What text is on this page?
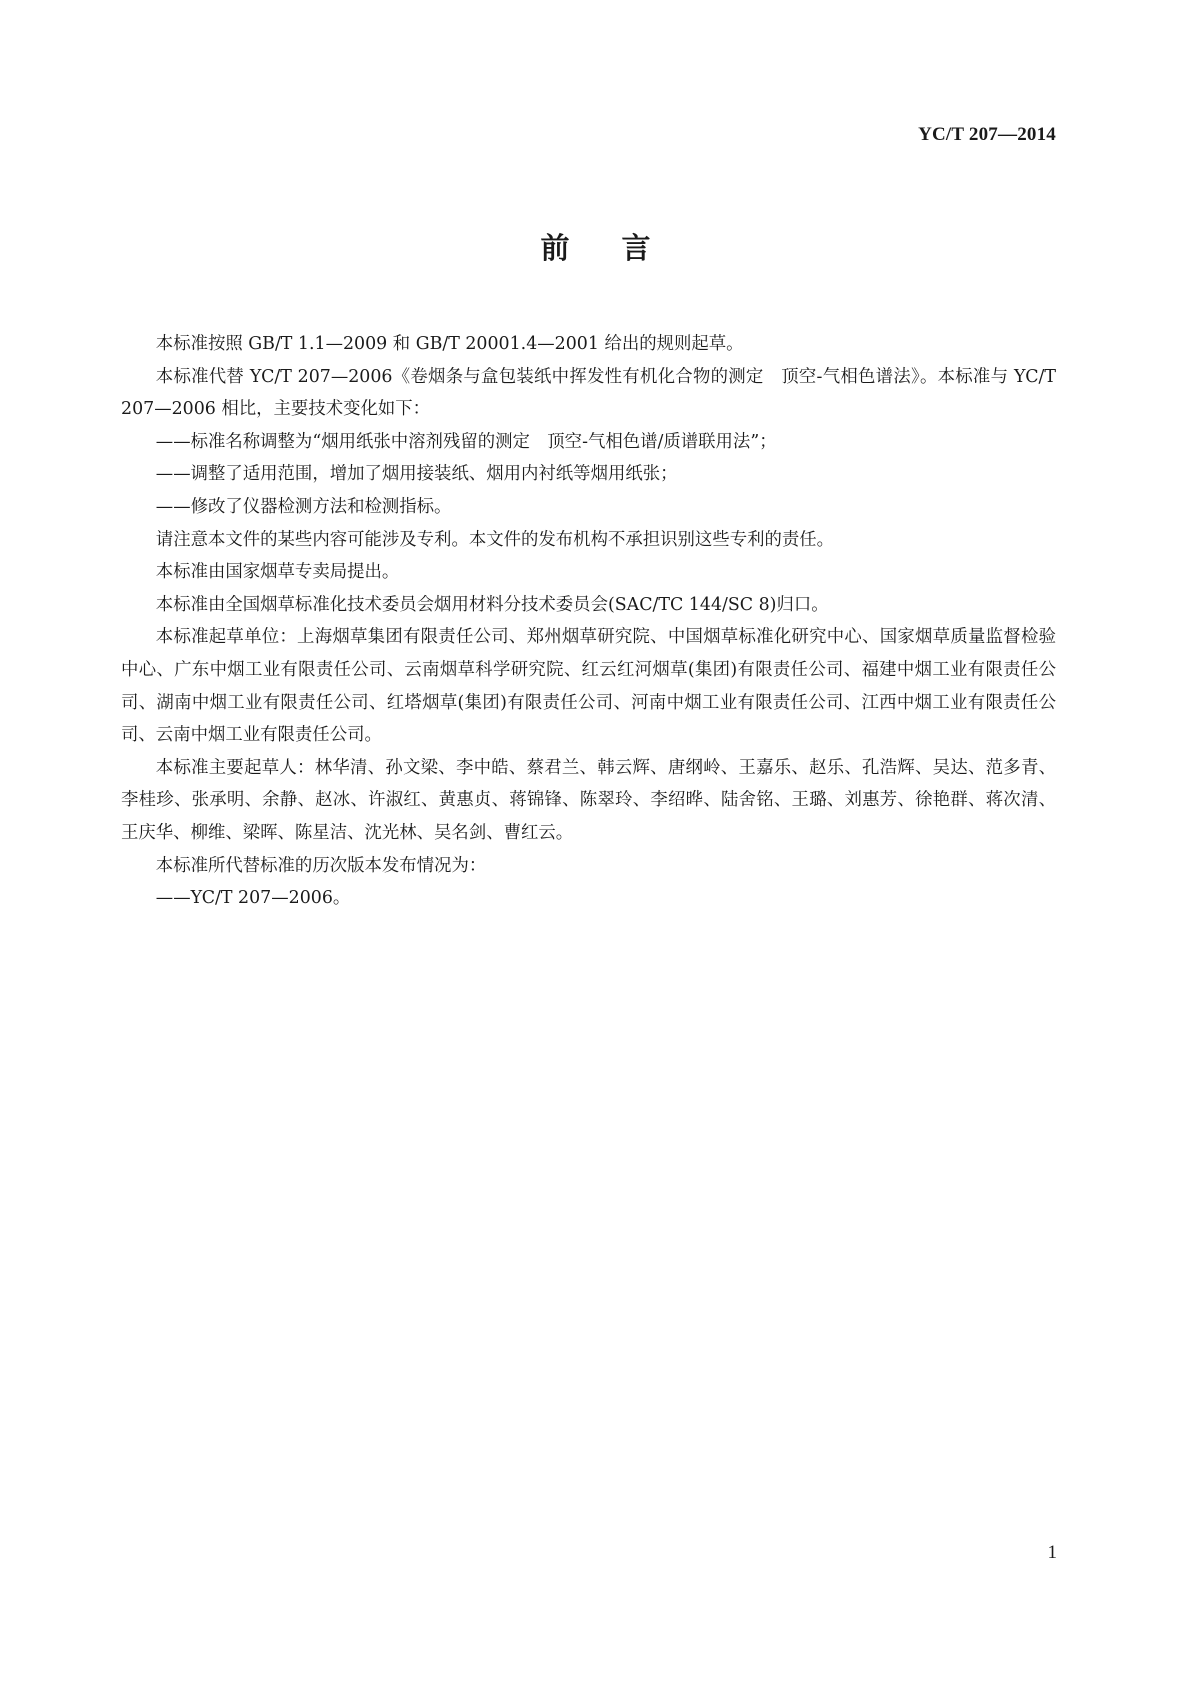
YC/T 207—2014
前言

本标准按照 GB/T 1.1—2009 和 GB/T 20001.4—2001 给出的规则起草。

本标准代替 YC/T 207—2006《卷烟条与盒包装纸中挥发性有机化合物的测定　顶空-气相色谱法》。本标准与 YC/T 207—2006 相比，主要技术变化如下：

——标准名称调整为“烟用纸张中溶剂残留的测定　顶空-气相色谱/质谱联用法”；

——调整了适用范围，增加了烟用接装纸、烟用内衬纸等烟用纸张；

——修改了仪器检测方法和检测指标。

请注意本文件的某些内容可能涉及专利。本文件的发布机构不承担识别这些专利的责任。

本标准由国家烟草专卖局提出。

本标准由全国烟草标准化技术委员会烟用材料分技术委员会(SAC/TC 144/SC 8)归口。

本标准起草单位：上海烟草集团有限责任公司、郑州烟草研究院、中国烟草标准化研究中心、国家烟草质量监督检验中心、广东中烟工业有限责任公司、云南烟草科学研究院、红云红河烟草(集团)有限责任公司、福建中烟工业有限责任公司、湖南中烟工业有限责任公司、红塔烟草(集团)有限责任公司、河南中烟工业有限责任公司、江西中烟工业有限责任公司、云南中烟工业有限责任公司。

本标准主要起草人：林华清、孙文梁、李中皓、蔡君兰、韩云辉、唐纲岭、王嘉乐、赵乐、孔浩辉、吴达、范多青、李桂珍、张承明、余静、赵冰、许淑红、黄惠贞、蒋锦锋、陈翠玲、李绍晔、陆舍铭、王璐、刘惠芳、徐艳群、蒋次清、王庆华、柳维、梁晖、陈星洁、沈光林、吴名剑、曹红云。

本标准所代替标准的历次版本发布情况为：

——YC/T 207—2006。

1
